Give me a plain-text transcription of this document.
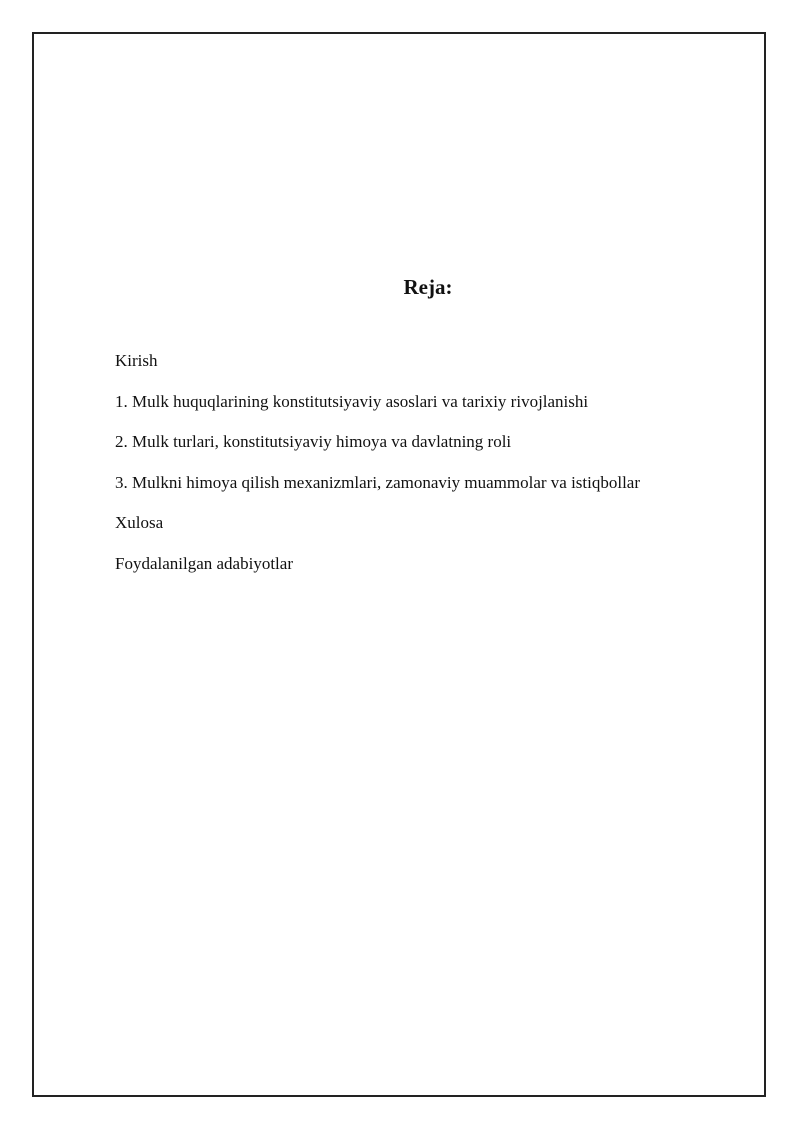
Reja:
Kirish
1. Mulk huquqlarining konstitutsiyaviy asoslari va tarixiy rivojlanishi
2. Mulk turlari, konstitutsiyaviy himoya va davlatning roli
3. Mulkni himoya qilish mexanizmlari, zamonaviy muammolar va istiqbollar
Xulosa
Foydalanilgan adabiyotlar
